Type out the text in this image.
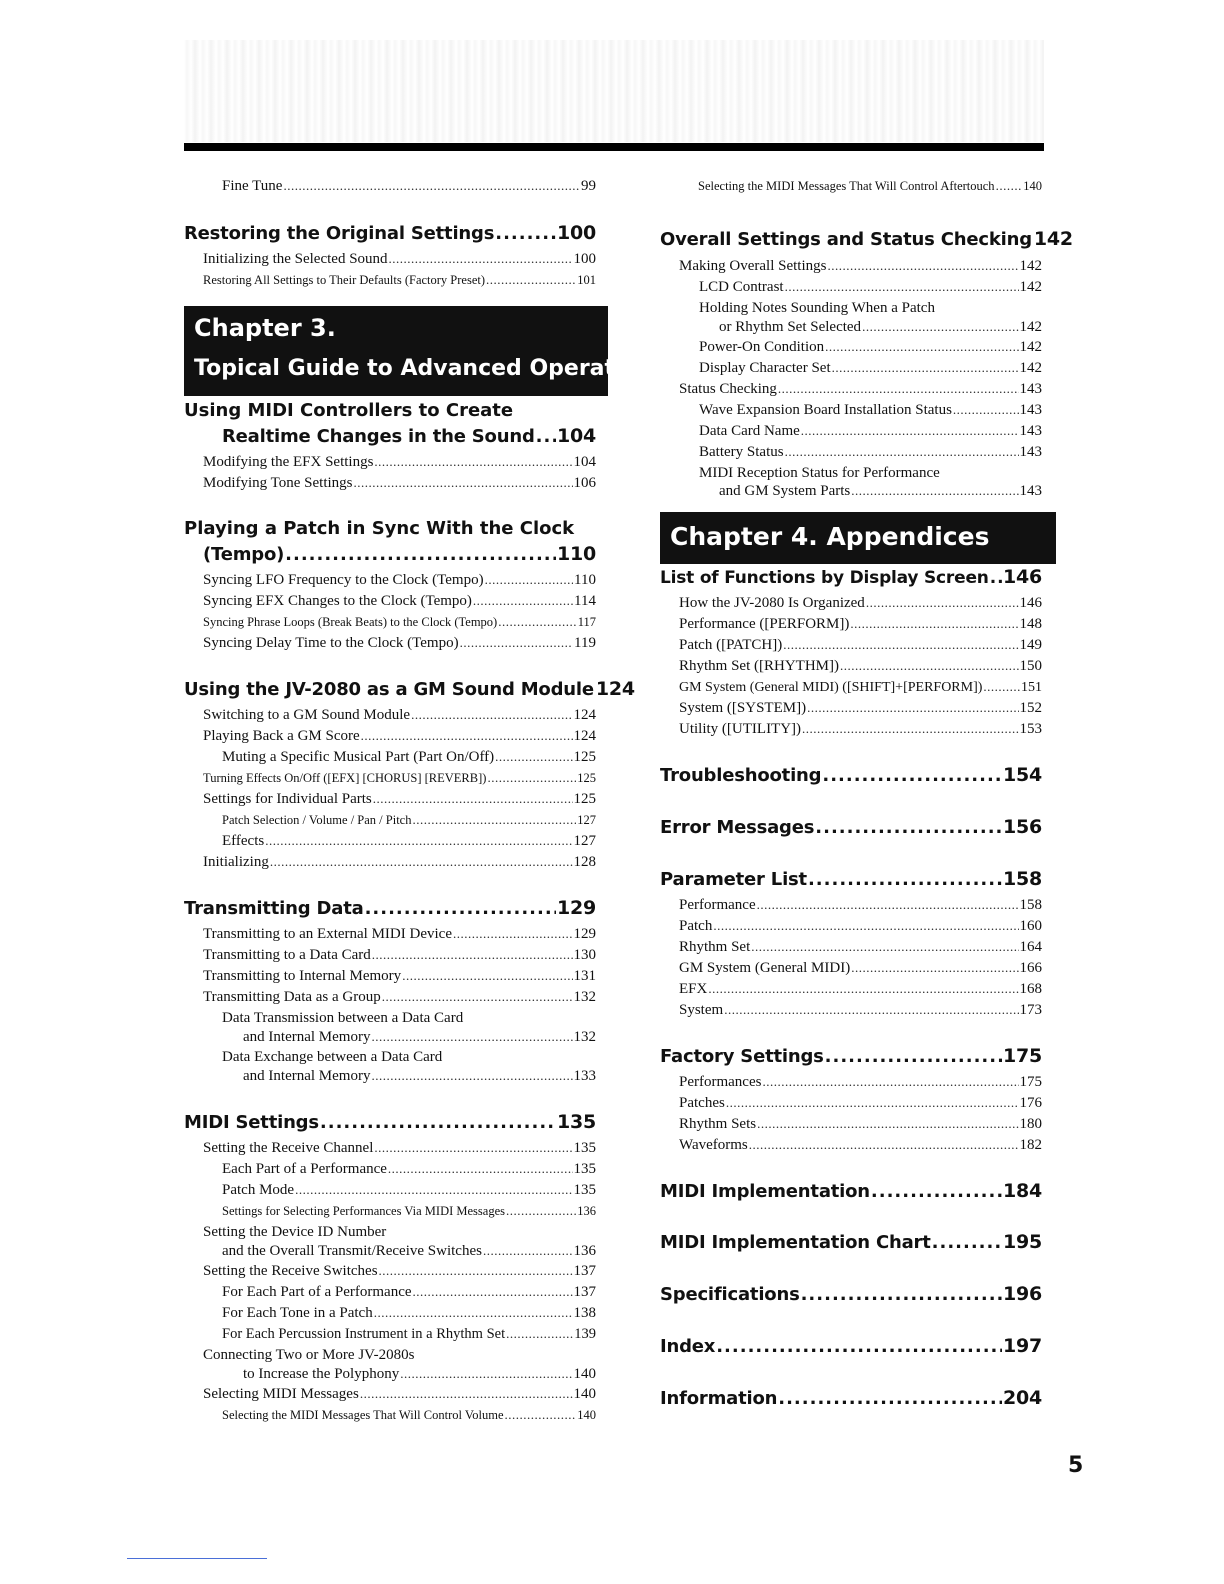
Fine Tune .....	99
Restoring the Original Settings .....	100
Initializing the Selected Sound .....	100
Restoring All Settings to Their Defaults (Factory Preset) .....	101
Chapter 3.
Topical Guide to Advanced Operation
Using MIDI Controllers to Create
Realtime Changes in the Sound ..... 104
Modifying the EFX Settings .....	104
Modifying Tone Settings .....	106
Playing a Patch in Sync With the Clock
(Tempo) .....	110
Syncing LFO Frequency to the Clock (Tempo) .....	110
Syncing EFX Changes to the Clock (Tempo) .....	114
Syncing Phrase Loops (Break Beats) to the Clock (Tempo) .....	117
Syncing Delay Time to the Clock (Tempo) .....	119
Using the JV-2080 as a GM Sound Module 124
Switching to a GM Sound Module .....	124
Playing Back a GM Score .....	124
Muting a Specific Musical Part (Part On/Off) .....	125
Turning Effects On/Off ([EFX] [CHORUS] [REVERB]) .....	125
Settings for Individual Parts .....	125
Patch Selection / Volume / Pan / Pitch .....	127
Effects .....	127
Initializing .....	128
Transmitting Data .....	129
Transmitting to an External MIDI Device .....	129
Transmitting to a Data Card .....	130
Transmitting to Internal Memory .....	131
Transmitting Data as a Group .....	132
Data Transmission between a Data Card
and Internal Memory .....	132
Data Exchange between a Data Card
and Internal Memory .....	133
MIDI Settings .....	135
Setting the Receive Channel .....	135
Each Part of a Performance .....	135
Patch Mode .....	135
Settings for Selecting Performances Via MIDI Messages .....	136
Setting the Device ID Number
and the Overall Transmit/Receive Switches .....	136
Setting the Receive Switches .....	137
For Each Part of a Performance .....	137
For Each Tone in a Patch .....	138
For Each Percussion Instrument in a Rhythm Set .....	139
Connecting Two or More JV-2080s
to Increase the Polyphony .....	140
Selecting MIDI Messages .....	140
Selecting the MIDI Messages That Will Control Volume .....	140
Selecting the MIDI Messages That Will Control Aftertouch ..... 140
Overall Settings and Status Checking 142
Making Overall Settings .....	142
LCD Contrast .....	142
Holding Notes Sounding When a Patch
or Rhythm Set Selected .....	142
Power-On Condition .....	142
Display Character Set .....	142
Status Checking .....	143
Wave Expansion Board Installation Status .....	143
Data Card Name .....	143
Battery Status .....	143
MIDI Reception Status for Performance
and GM System Parts .....	143
Chapter 4. Appendices
List of Functions by Display Screen ..... 146
How the JV-2080 Is Organized .....	146
Performance ([PERFORM]) .....	148
Patch ([PATCH]) .....	149
Rhythm Set ([RHYTHM]) .....	150
GM System (General MIDI) ([SHIFT]+[PERFORM]) .....	151
System ([SYSTEM]) .....	152
Utility ([UTILITY]) .....	153
Troubleshooting .....	154
Error Messages .....	156
Parameter List .....	158
Performance .....	158
Patch .....	160
Rhythm Set .....	164
GM System (General MIDI) .....	166
EFX .....	168
System .....	173
Factory Settings .....	175
Performances .....	175
Patches .....	176
Rhythm Sets .....	180
Waveforms .....	182
MIDI Implementation .....	184
MIDI Implementation Chart .....	195
Specifications .....	196
Index .....	197
Information .....	204
5
